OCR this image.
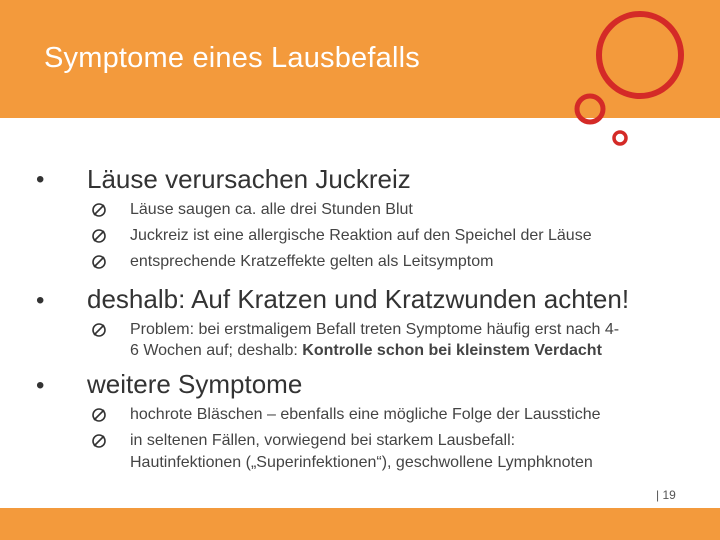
Symptome eines Lausbefalls
• Läuse verursachen Juckreiz
Läuse saugen ca. alle drei Stunden Blut
Juckreiz ist eine allergische Reaktion auf den Speichel der Läuse
entsprechende Kratzeffekte gelten als Leitsymptom
• deshalb: Auf Kratzen und Kratzwunden achten!
Problem: bei erstmaligem Befall treten Symptome häufig erst nach 4-
6 Wochen auf; deshalb: Kontrolle schon bei kleinstem Verdacht
• weitere Symptome
hochrote Bläschen – ebenfalls eine mögliche Folge der Lausstiche
in seltenen Fällen, vorwiegend bei starkem Lausbefall:
Hautinfektionen („Superinfektionen“), geschwollene Lymphknoten
| 19
